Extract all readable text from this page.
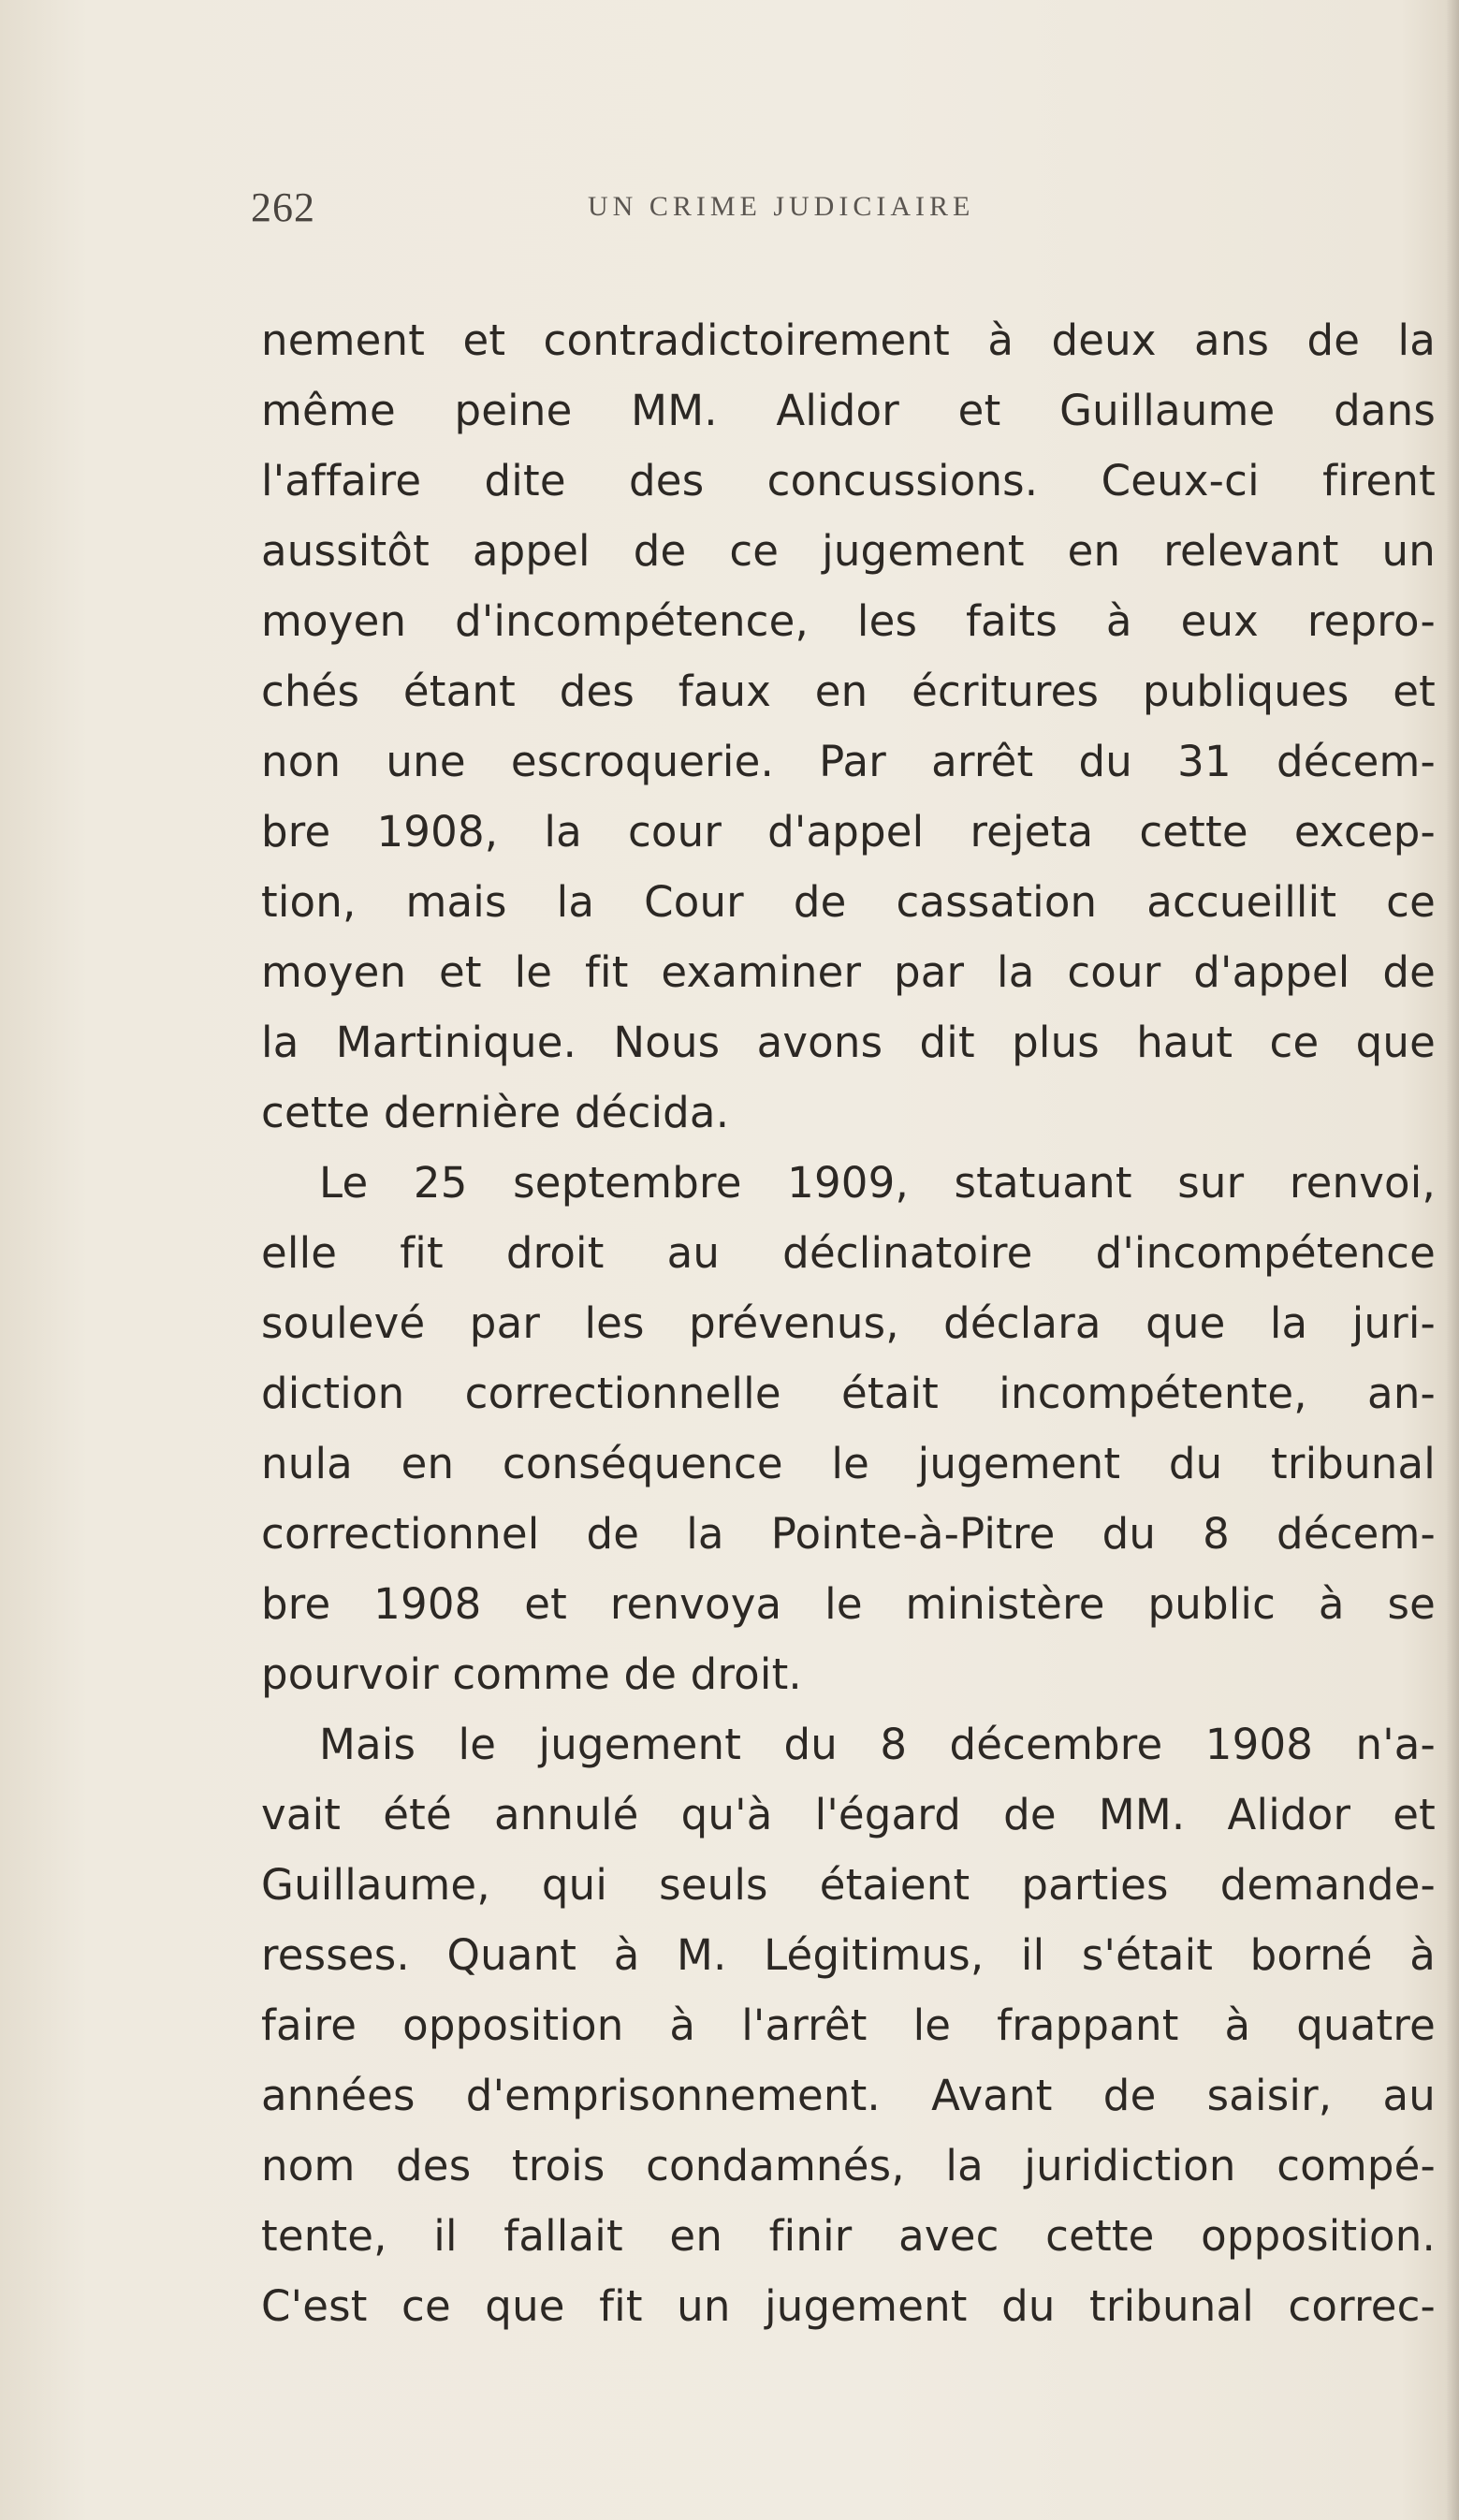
262	UN CRIME JUDICIAIRE
nement et contradictoirement à deux ans de la
même peine MM. Alidor et Guillaume dans
l'affaire dite des concussions. Ceux-ci firent
aussitôt appel de ce jugement en relevant un
moyen d'incompétence, les faits à eux repro-
chés étant des faux en écritures publiques et
non une escroquerie. Par arrêt du 31 décem-
bre 1908, la cour d'appel rejeta cette excep-
tion, mais la Cour de cassation accueillit ce
moyen et le fit examiner par la cour d'appel de
la Martinique. Nous avons dit plus haut ce que
cette dernière décida.
Le 25 septembre 1909, statuant sur renvoi,
elle fit droit au déclinatoire d'incompétence
soulevé par les prévenus, déclara que la juri-
diction correctionnelle était incompétente, an-
nula en conséquence le jugement du tribunal
correctionnel de la Pointe-à-Pitre du 8 décem-
bre 1908 et renvoya le ministère public à se
pourvoir comme de droit.
Mais le jugement du 8 décembre 1908 n'a-
vait été annulé qu'à l'égard de MM. Alidor et
Guillaume, qui seuls étaient parties demande-
resses. Quant à M. Légitimus, il s'était borné à
faire opposition à l'arrêt le frappant à quatre
années d'emprisonnement. Avant de saisir, au
nom des trois condamnés, la juridiction compé-
tente, il fallait en finir avec cette opposition.
C'est ce que fit un jugement du tribunal correc-
